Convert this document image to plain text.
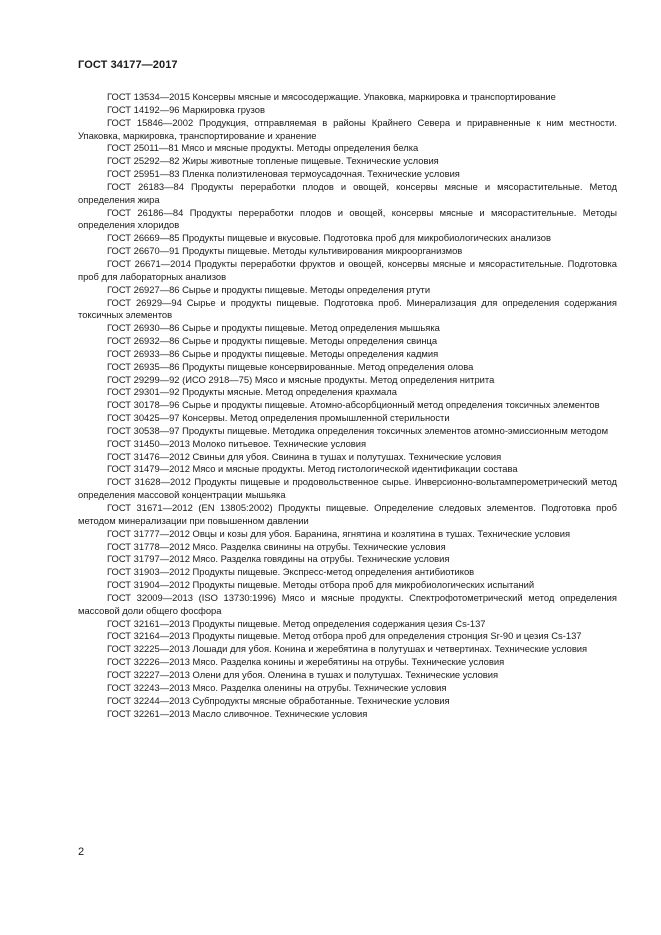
ГОСТ 34177—2017

ГОСТ 13534—2015 Консервы мясные и мясосодержащие. Упаковка, маркировка и транспортирование

ГОСТ 14192—96 Маркировка грузов

ГОСТ 15846—2002 Продукция, отправляемая в районы Крайнего Севера и приравненные к ним местности. Упаковка, маркировка, транспортирование и хранение

ГОСТ 25011—81 Мясо и мясные продукты. Методы определения белка

ГОСТ 25292—82 Жиры животные топленые пищевые. Технические условия

ГОСТ 25951—83 Пленка полиэтиленовая термоусадочная. Технические условия

ГОСТ 26183—84 Продукты переработки плодов и овощей, консервы мясные и мясорастительные. Метод определения жира

ГОСТ 26186—84 Продукты переработки плодов и овощей, консервы мясные и мясорастительные. Методы определения хлоридов

ГОСТ 26669—85 Продукты пищевые и вкусовые. Подготовка проб для микробиологических анализов

ГОСТ 26670—91 Продукты пищевые. Методы культивирования микроорганизмов

ГОСТ 26671—2014 Продукты переработки фруктов и овощей, консервы мясные и мясорастительные. Подготовка проб для лабораторных анализов

ГОСТ 26927—86 Сырье и продукты пищевые. Методы определения ртути

ГОСТ 26929—94 Сырье и продукты пищевые. Подготовка проб. Минерализация для определения содержания токсичных элементов

ГОСТ 26930—86 Сырье и продукты пищевые. Метод определения мышьяка

ГОСТ 26932—86 Сырье и продукты пищевые. Методы определения свинца

ГОСТ 26933—86 Сырье и продукты пищевые. Методы определения кадмия

ГОСТ 26935—86 Продукты пищевые консервированные. Метод определения олова

ГОСТ 29299—92 (ИСО 2918—75) Мясо и мясные продукты. Метод определения нитрита

ГОСТ 29301—92 Продукты мясные. Метод определения крахмала

ГОСТ 30178—96 Сырье и продукты пищевые. Атомно-абсорбционный метод определения токсичных элементов

ГОСТ 30425—97 Консервы. Метод определения промышленной стерильности

ГОСТ 30538—97 Продукты пищевые. Методика определения токсичных элементов атомно-эмиссионным методом

ГОСТ 31450—2013 Молоко питьевое. Технические условия

ГОСТ 31476—2012 Свиньи для убоя. Свинина в тушах и полутушах. Технические условия

ГОСТ 31479—2012 Мясо и мясные продукты. Метод гистологической идентификации состава

ГОСТ 31628—2012 Продукты пищевые и продовольственное сырье. Инверсионно-вольтамперометрический метод определения массовой концентрации мышьяка

ГОСТ 31671—2012 (EN 13805:2002) Продукты пищевые. Определение следовых элементов. Подготовка проб методом минерализации при повышенном давлении

ГОСТ 31777—2012 Овцы и козы для убоя. Баранина, ягнятина и козлятина в тушах. Технические условия

ГОСТ 31778—2012 Мясо. Разделка свинины на отрубы. Технические условия

ГОСТ 31797—2012 Мясо. Разделка говядины на отрубы. Технические условия

ГОСТ 31903—2012 Продукты пищевые. Экспресс-метод определения антибиотиков

ГОСТ 31904—2012 Продукты пищевые. Методы отбора проб для микробиологических испытаний

ГОСТ 32009—2013 (ISO 13730:1996) Мясо и мясные продукты. Спектрофотометрический метод определения массовой доли общего фосфора

ГОСТ 32161—2013 Продукты пищевые. Метод определения содержания цезия Cs-137

ГОСТ 32164—2013 Продукты пищевые. Метод отбора проб для определения стронция Sr-90 и цезия Cs-137

ГОСТ 32225—2013 Лошади для убоя. Конина и жеребятина в полутушах и четвертинах. Технические условия

ГОСТ 32226—2013 Мясо. Разделка конины и жеребятины на отрубы. Технические условия

ГОСТ 32227—2013 Олени для убоя. Оленина в тушах и полутушах. Технические условия

ГОСТ 32243—2013 Мясо. Разделка оленины на отрубы. Технические условия

ГОСТ 32244—2013 Субпродукты мясные обработанные. Технические условия

ГОСТ 32261—2013 Масло сливочное. Технические условия

2
